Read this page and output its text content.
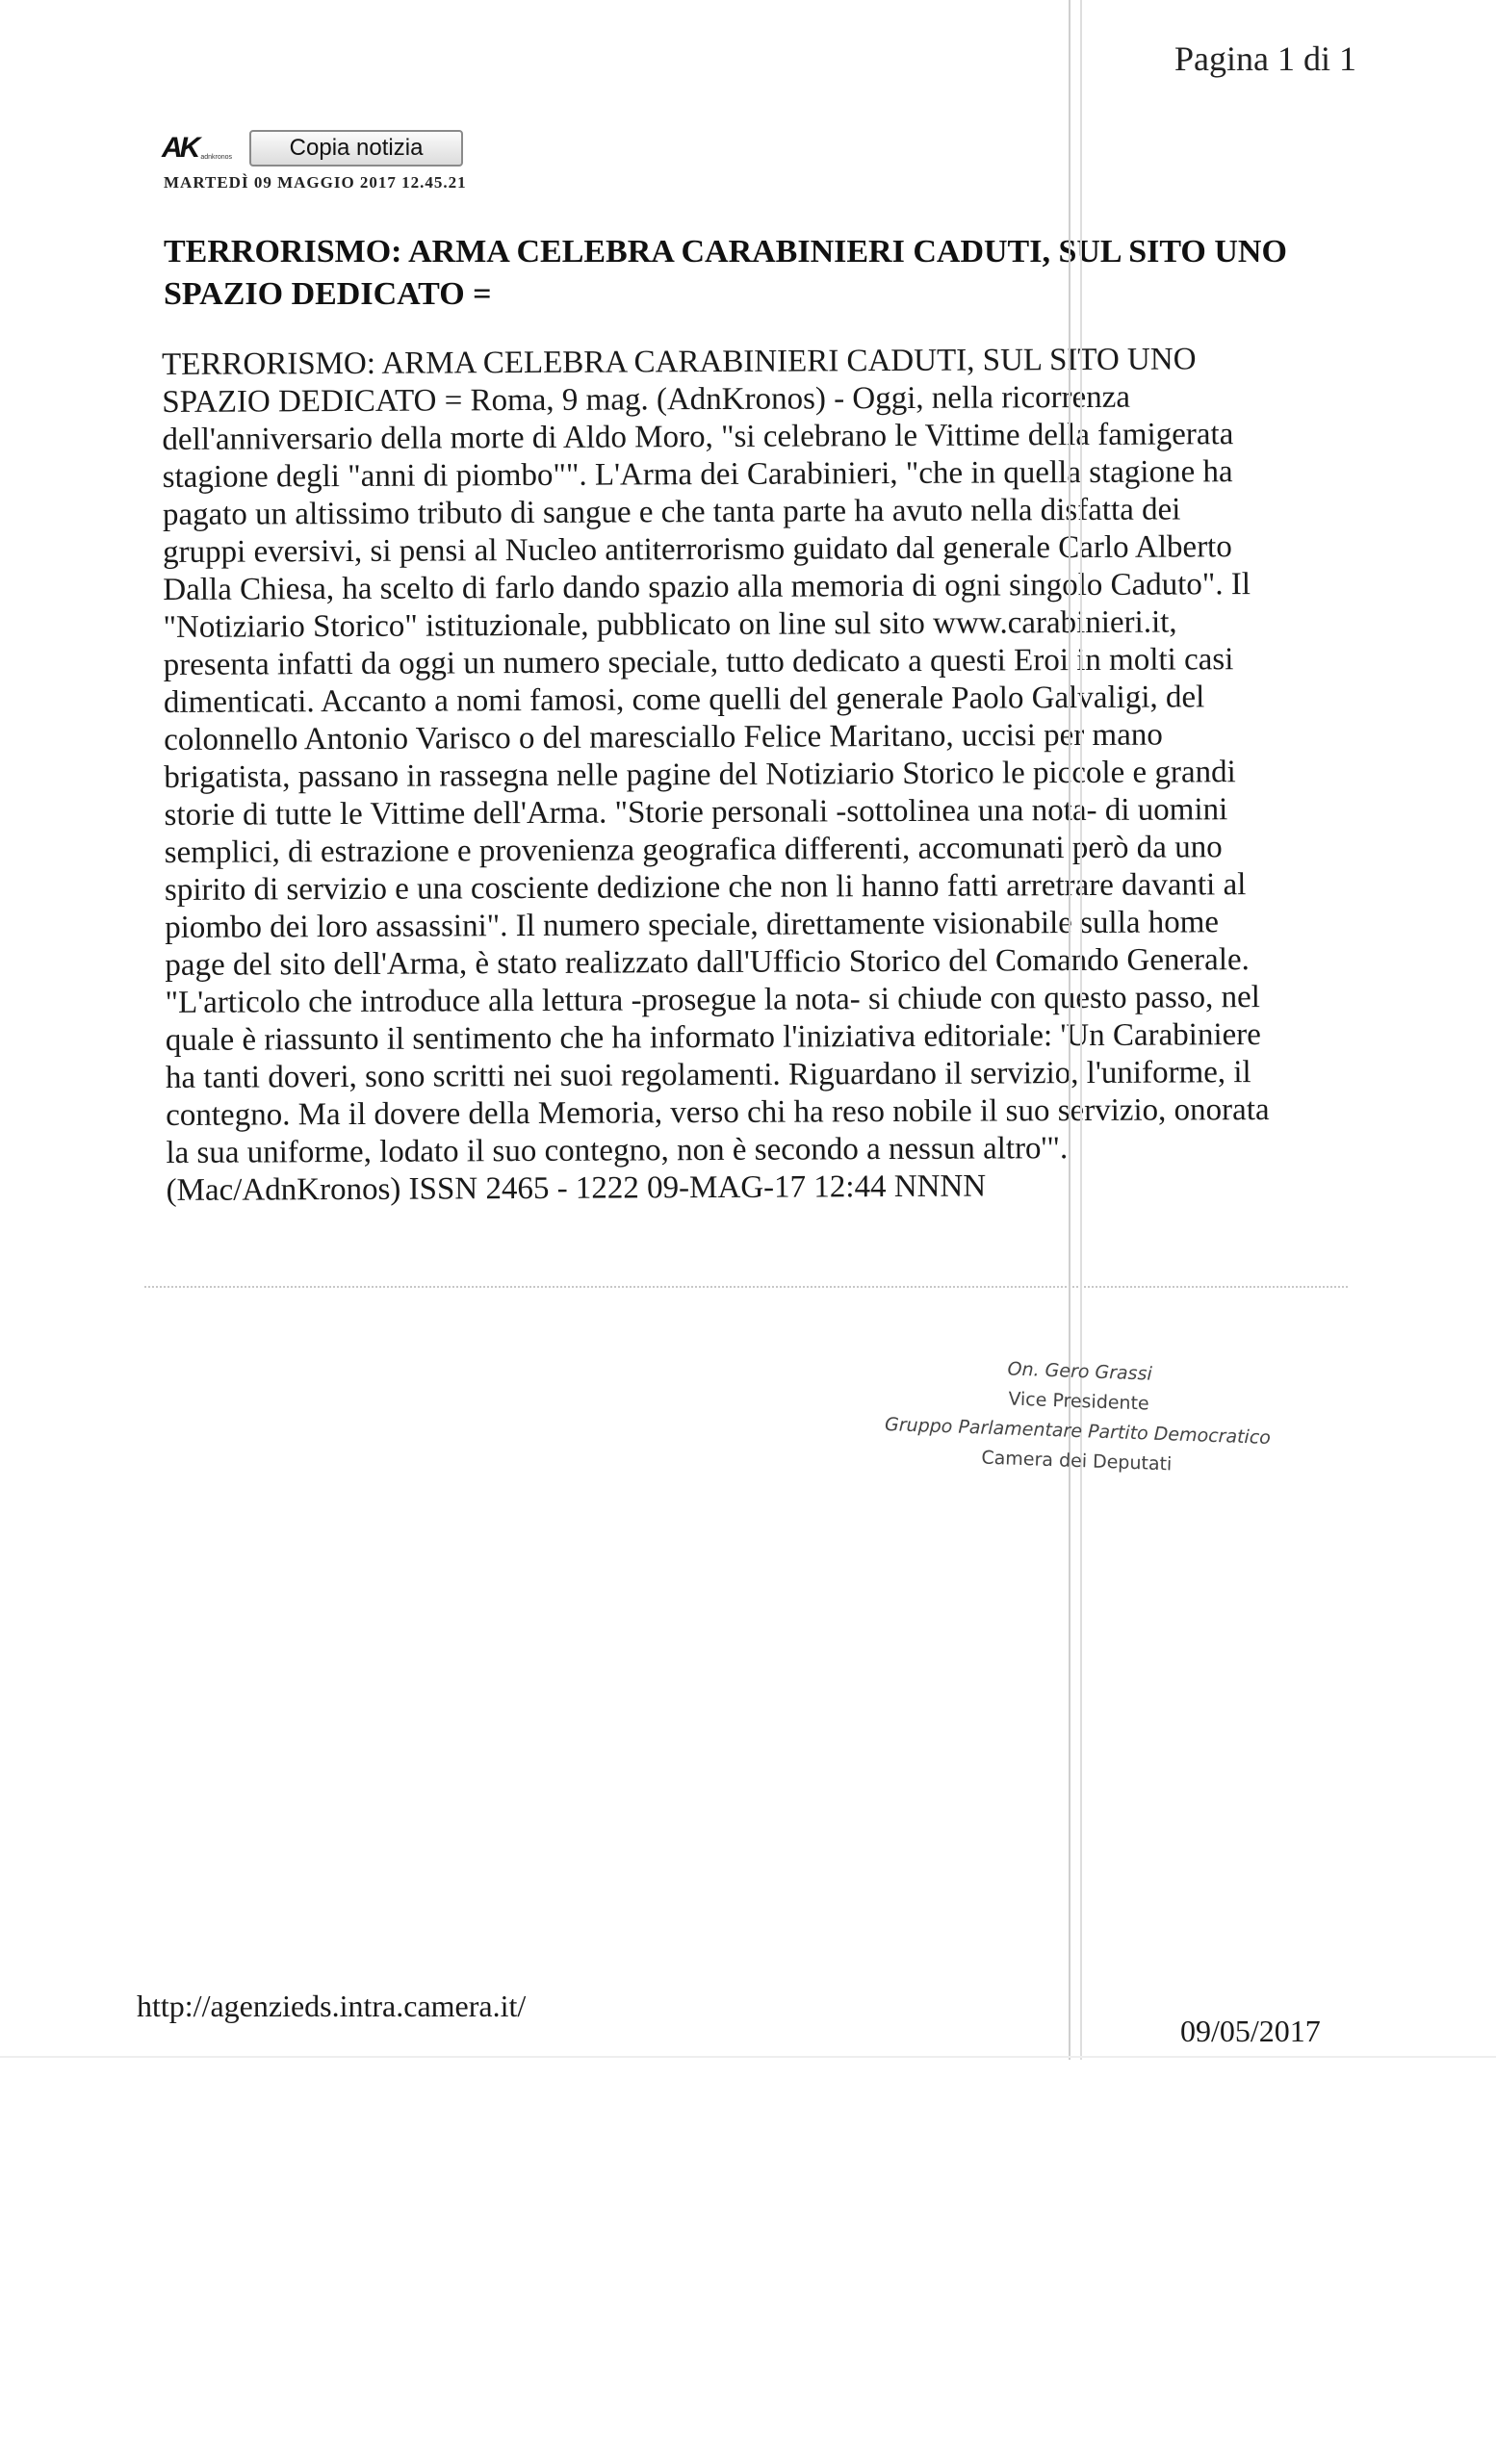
Pagina 1 di 1
AK adnkronos	Copia notizia
MARTEDÌ 09 MAGGIO 2017 12.45.21
TERRORISMO: ARMA CELEBRA CARABINIERI CADUTI, SUL SITO UNO SPAZIO DEDICATO =
TERRORISMO: ARMA CELEBRA CARABINIERI CADUTI, SUL SITO UNO
SPAZIO DEDICATO = Roma, 9 mag. (AdnKronos) - Oggi, nella ricorrenza
dell'anniversario della morte di Aldo Moro, "si celebrano le Vittime della famigerata
stagione degli "anni di piombo"". L'Arma dei Carabinieri, "che in quella stagione ha
pagato un altissimo tributo di sangue e che tanta parte ha avuto nella disfatta dei
gruppi eversivi, si pensi al Nucleo antiterrorismo guidato dal generale Carlo Alberto
Dalla Chiesa, ha scelto di farlo dando spazio alla memoria di ogni singolo Caduto". Il
"Notiziario Storico" istituzionale, pubblicato on line sul sito www.carabinieri.it,
presenta infatti da oggi un numero speciale, tutto dedicato a questi Eroi in molti casi
dimenticati. Accanto a nomi famosi, come quelli del generale Paolo Galvaligi, del
colonnello Antonio Varisco o del maresciallo Felice Maritano, uccisi per mano
brigatista, passano in rassegna nelle pagine del Notiziario Storico le piccole e grandi
storie di tutte le Vittime dell'Arma. "Storie personali -sottolinea una nota- di uomini
semplici, di estrazione e provenienza geografica differenti, accomunati però da uno
spirito di servizio e una cosciente dedizione che non li hanno fatti arretrare davanti al
piombo dei loro assassini". Il numero speciale, direttamente visionabile sulla home
page del sito dell'Arma, è stato realizzato dall'Ufficio Storico del Comando Generale.
"L'articolo che introduce alla lettura -prosegue la nota- si chiude con questo passo, nel
quale è riassunto il sentimento che ha informato l'iniziativa editoriale: 'Un Carabiniere
ha tanti doveri, sono scritti nei suoi regolamenti. Riguardano il servizio, l'uniforme, il
contegno. Ma il dovere della Memoria, verso chi ha reso nobile il suo servizio, onorata
la sua uniforme, lodato il suo contegno, non è secondo a nessun altro'".
(Mac/AdnKronos) ISSN 2465 - 1222 09-MAG-17 12:44 NNNN
On. Gero Grassi
Vice Presidente
Gruppo Parlamentare Partito Democratico
Camera dei Deputati
http://agenzieds.intra.camera.it/
09/05/2017
